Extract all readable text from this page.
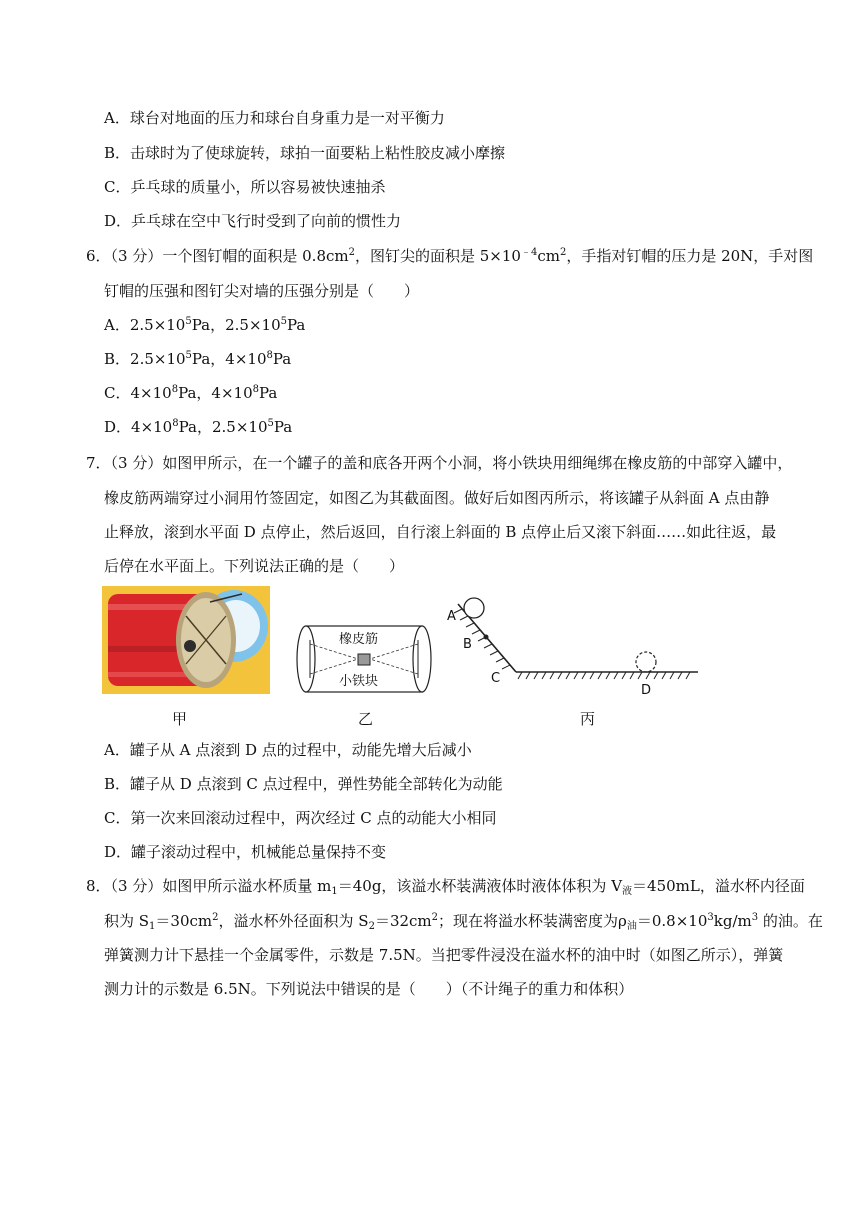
A．球台对地面的压力和球台自身重力是一对平衡力
B．击球时为了使球旋转，球拍一面要粘上粘性胶皮减小摩擦
C．乒乓球的质量小，所以容易被快速抽杀
D．乒乓球在空中飞行时受到了向前的惯性力
6．（3 分）一个图钉帽的面积是 $0.8cm^2$，图钉尖的面积是 $5\times 10^{﹣4}cm^2$，手指对钉帽的压力是 20N，手对图
钉帽的压强和图钉尖对墙的压强分别是（　　）
A．$2.5\times 10^5Pa$，$2.5\times 10^5Pa$
B．$2.5\times 10^5Pa$，$4\times 10^8Pa$
C．$4\times 10^8Pa$，$4\times 10^8Pa$
D．$4\times 10^8Pa$，$2.5\times 10^5Pa$
7．（3 分）如图甲所示，在一个罐子的盖和底各开两个小洞，将小铁块用细绳绑在橡皮筋的中部穿入罐中，
橡皮筋两端穿过小洞用竹签固定，如图乙为其截面图。做好后如图丙所示，将该罐子从斜面 A 点由静
止释放，滚到水平面 D 点停止，然后返回，自行滚上斜面的 B 点停止后又滚下斜面……如此往返，最
后停在水平面上。下列说法正确的是（　　）
甲
橡皮筋
小铁块
乙
A
B
C
D
丙
A．罐子从 A 点滚到 D 点的过程中，动能先增大后减小
B．罐子从 D 点滚到 C 点过程中，弹性势能全部转化为动能
C．第一次来回滚动过程中，两次经过 C 点的动能大小相同
D．罐子滚动过程中，机械能总量保持不变
8．（3 分）如图甲所示溢水杯质量 $m_1=40g$，该溢水杯装满液体时液体体积为 $V_液=450mL$，溢水杯内径面
积为 $S_1=30cm^2$，溢水杯外径面积为 $S_2=32cm^2$；现在将溢水杯装满密度为$\rho_油=0.8\times 10^3kg/m^3$ 的油。在
弹簧测力计下悬挂一个金属零件，示数是 7.5N。当把零件浸没在溢水杯的油中时（如图乙所示），弹簧
测力计的示数是 6.5N。下列说法中错误的是（　　）（不计绳子的重力和体积）
